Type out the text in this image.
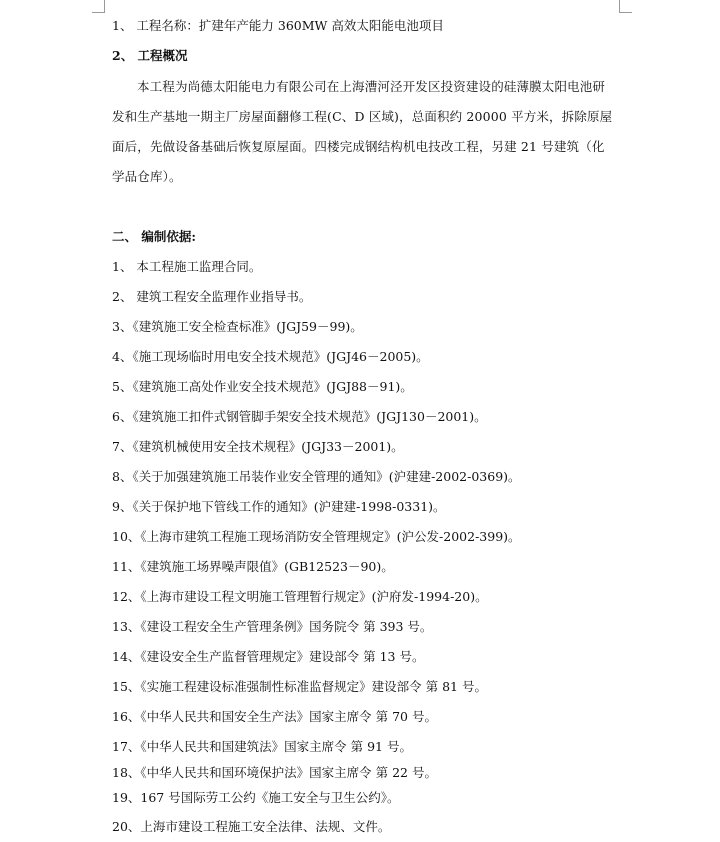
1、 工程名称：扩建年产能力 360MW 高效太阳能电池项目
2、 工程概况
本工程为尚德太阳能电力有限公司在上海漕河泾开发区投资建设的硅薄膜太阳电池研发和生产基地一期主厂房屋面翻修工程(C、D 区域)，总面积约 20000 平方米，拆除原屋面后，先做设备基础后恢复原屋面。四楼完成钢结构机电技改工程，另建 21 号建筑（化学品仓库）。
二、 编制依据:
1、 本工程施工监理合同。
2、 建筑工程安全监理作业指导书。
3、《建筑施工安全检查标准》(JGJ59－99)。
4、《施工现场临时用电安全技术规范》(JGJ46－2005)。
5、《建筑施工高处作业安全技术规范》(JGJ88－91)。
6、《建筑施工扣件式钢管脚手架安全技术规范》(JGJ130－2001)。
7、《建筑机械使用安全技术规程》(JGJ33－2001)。
8、《关于加强建筑施工吊装作业安全管理的通知》(沪建建-2002-0369)。
9、《关于保护地下管线工作的通知》(沪建建-1998-0331)。
10、《上海市建筑工程施工现场消防安全管理规定》(沪公发-2002-399)。
11、《建筑施工场界噪声限值》(GB12523－90)。
12、《上海市建设工程文明施工管理暂行规定》(沪府发-1994-20)。
13、《建设工程安全生产管理条例》国务院令 第 393 号。
14、《建设安全生产监督管理规定》建设部令 第 13 号。
15、《实施工程建设标准强制性标准监督规定》建设部令 第 81 号。
16、《中华人民共和国安全生产法》国家主席令 第 70 号。
17、《中华人民共和国建筑法》国家主席令 第 91 号。
18、《中华人民共和国环境保护法》国家主席令 第 22 号。
19、167 号国际劳工公约《施工安全与卫生公约》。
20、上海市建设工程施工安全法律、法规、文件。
